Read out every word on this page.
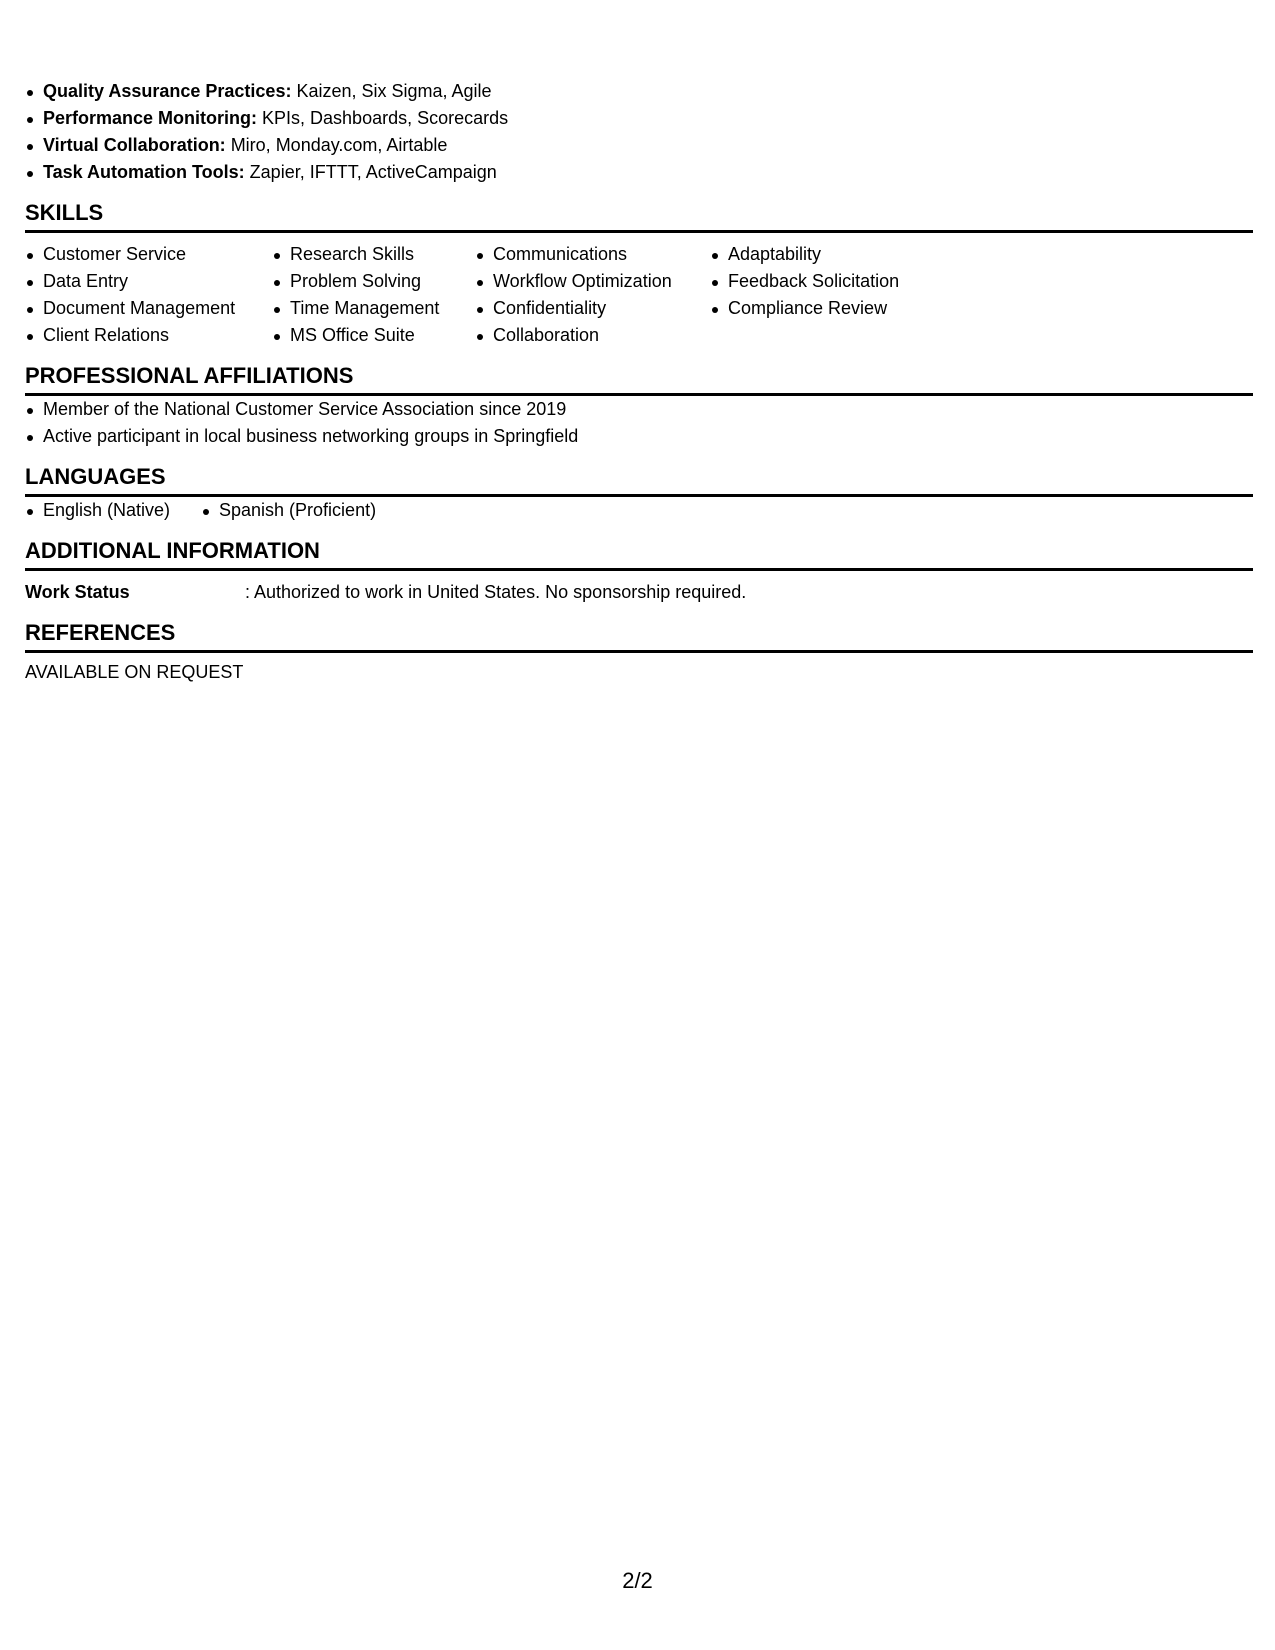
Quality Assurance Practices: Kaizen, Six Sigma, Agile
Performance Monitoring: KPIs, Dashboards, Scorecards
Virtual Collaboration: Miro, Monday.com, Airtable
Task Automation Tools: Zapier, IFTTT, ActiveCampaign
SKILLS
Customer Service
Data Entry
Document Management
Client Relations
Research Skills
Problem Solving
Time Management
MS Office Suite
Communications
Workflow Optimization
Confidentiality
Collaboration
Adaptability
Feedback Solicitation
Compliance Review
PROFESSIONAL AFFILIATIONS
Member of the National Customer Service Association since 2019
Active participant in local business networking groups in Springfield
LANGUAGES
English (Native)	Spanish (Proficient)
ADDITIONAL INFORMATION
Work Status	: Authorized to work in United States. No sponsorship required.
REFERENCES
AVAILABLE ON REQUEST
2/2
